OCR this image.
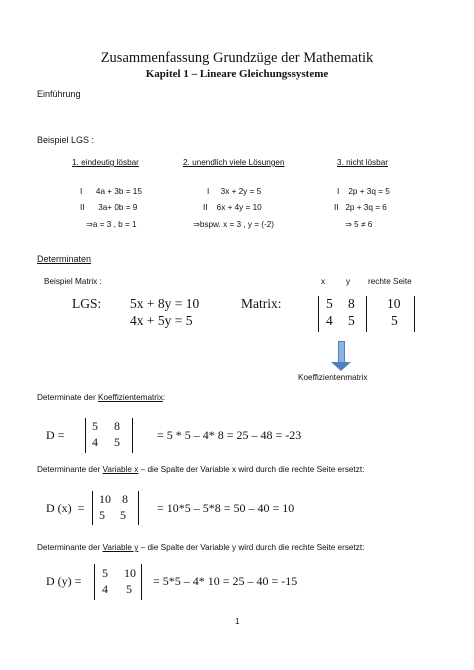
Zusammenfassung Grundzüge der Mathematik
Kapitel 1 – Lineare Gleichungssysteme
Einführung
Beispiel LGS :
1. eindeutig lösbar
I      4a + 3b = 15
II      3a+ 0b = 9
⇒a = 3 , b = 1
2. unendlich viele Lösungen
I     3x + 2y = 5
II    6x + 4y = 10
⇒bspw. x = 3 , y = (-2)
3. nicht lösbar
I    2p + 3q = 5
II   2p + 3q = 6
⇒ 5 ≠ 6
Determinaten
Beispiel Matrix :	x	y rechte Seite
LGS: 5x + 8y = 10
4x + 5y = 5
Matrix:	5 8 10
4 5	5
Koeffizientenmatrix
Determinate der Koeffizientematrix:
D =
5 8
4 5	= 5 * 5 – 4* 8 = 25 – 48 = -23
Determinante der Variable x – die Spalte der Variable x wird durch die rechte Seite ersetzt:
D (x)  =
10 8
5 5	= 10*5 – 5*8 = 50 – 40 = 10
Determinante der Variable y – die Spalte der Variable y wird durch die rechte Seite ersetzt:
D (y) =
5 10
4 5
= 5*5 – 4* 10 = 25 – 40 = -15
1
